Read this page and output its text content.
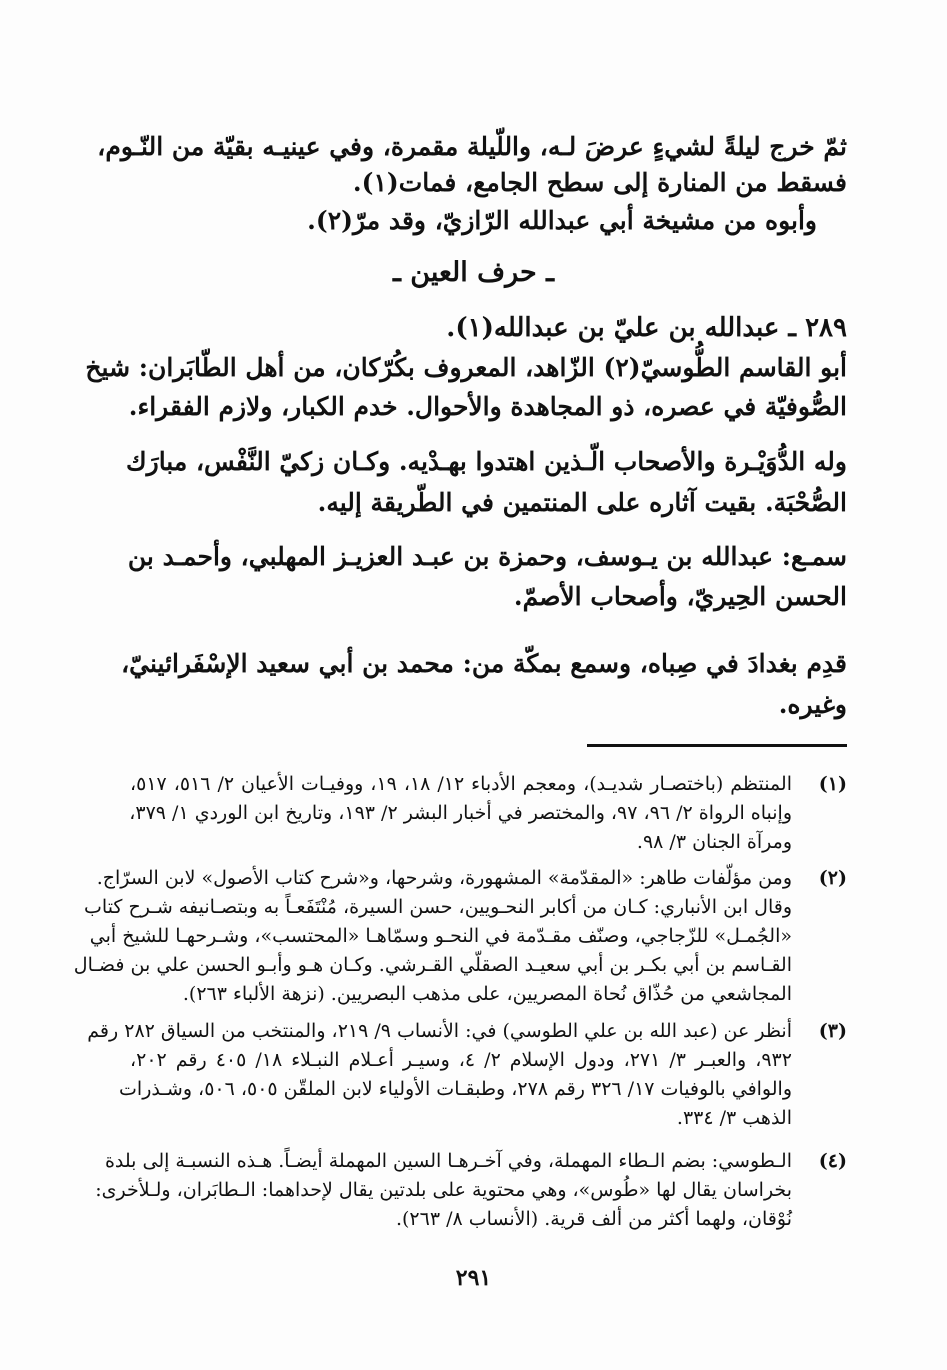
ثمّ خرج ليلةً لشيءٍ عرضَ لـه، واللّيلة مقمرة، وفي عينيـه بقيّة من النّـوم،
فسقط من المنارة إلى سطح الجامع، فمات(١).
وأبوه من مشيخة أبي عبدالله الرّازيّ، وقد مرّ(٢).
ـ حرف العين ـ
٢٨٩ ـ عبدالله بن عليّ بن عبدالله(١).
أبو القاسم الطُّوسيّ(٢) الزّاهد، المعروف بكُرّكان، من أهل الطّابَران: شيخ
الصُّوفيّة في عصره، ذو المجاهدة والأحوال. خدم الكبار، ولازم الفقراء.
وله الدُّوَيْـرة والأصحاب الّـذين اهتدوا بهـدْيه. وكـان زكيّ النَّفْس، مبارَك
الصُّحْبَة. بقيت آثاره على المنتمين في الطّريقة إليه.
سمـع: عبدالله بن يـوسف، وحمزة بن عبـد العزيـز المهلبي، وأحمـد بن
الحسن الحِيريّ، وأصحاب الأصمّ.
قدِم بغدادَ في صِباه، وسمع بمكّة من: محمد بن أبي سعيد الإسْفَرائينيّ،
وغيره.
(١)
المنتظم (باختصـار شديـد)، ومعجم الأدباء ١٢/ ١٨، ١٩، ووفيـات الأعيان ٢/ ٥١٦، ٥١٧،
وإنباه الرواة ٢/ ٩٦، ٩٧، والمختصر في أخبار البشر ٢/ ١٩٣، وتاريخ ابن الوردي ١/ ٣٧٩،
ومرآة الجنان ٣/ ٩٨.
(٢)
ومن مؤلّفات طاهر: «المقدّمة» المشهورة، وشرحها، و«شرح كتاب الأصول» لابن السرّاج.
وقال ابن الأنباري: كـان من أكابر النحـويين، حسن السيرة، مُنْتَفَعـاً به وبتصـانيفه شـرح كتاب
«الجُمـل» للزّجاجي، وصنّف مقـدّمة في النحـو وسمّاهـا «المحتسب»، وشـرحهـا للشيخ أبي
القـاسم بن أبي بكـر بن أبي سعيـد الصقلّي القـرشي. وكـان هـو وأبـو الحسن علي بن فضـال
المجاشعي من حُذّاق نُحاة المصريين، على مذهب البصريين. (نزهة الألباء ٢٦٣).
(٣)
أنظر عن (عبد الله بن علي الطوسي) في: الأنساب ٩/ ٢١٩، والمنتخب من السياق ٢٨٢ رقم
٩٣٢، والعبـر ٣/ ٢٧١، ودول الإسلام ٢/ ٤، وسيـر أعـلام النبـلاء ١٨/ ٤٠٥ رقم ٢٠٢،
والوافي بالوفيات ١٧/ ٣٢٦ رقم ٢٧٨، وطبقـات الأولياء لابن الملقّن ٥٠٥، ٥٠٦، وشـذرات
الذهب ٣/ ٣٣٤.
(٤)
الـطوسي: بضم الـطاء المهملة، وفي آخـرهـا السين المهملة أيضـاً. هـذه النسبـة إلى بلدة
بخراسان يقال لها «طُوس»، وهي محتوية على بلدتين يقال لإحداهما: الـطابَران، ولـلأخرى:
نُوْقان، ولهما أكثر من ألف قرية. (الأنساب ٨/ ٢٦٣).
٢٩١
